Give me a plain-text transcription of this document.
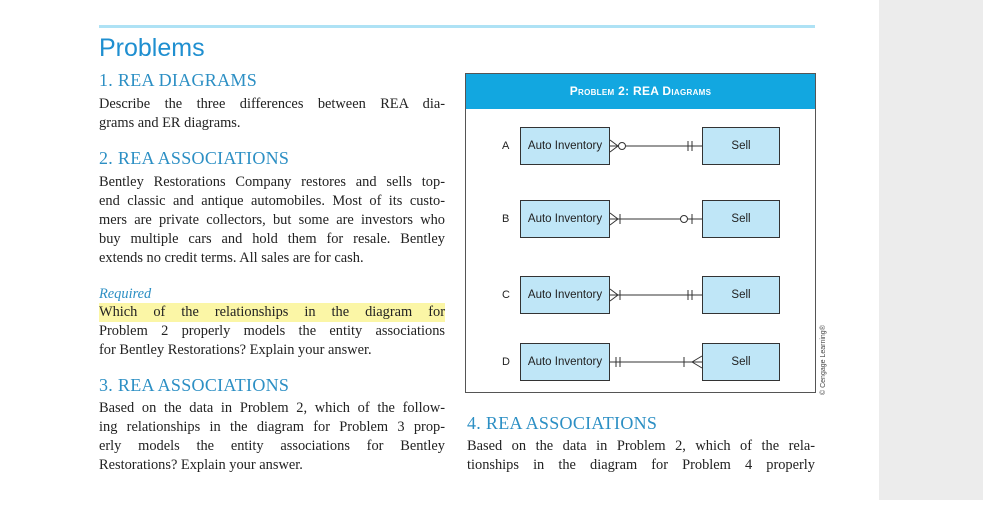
Problems
1. REA DIAGRAMS
Describe the three differences between REA dia-
grams and ER diagrams.
2. REA ASSOCIATIONS
Bentley Restorations Company restores and sells top-
end classic and antique automobiles. Most of its custo-
mers are private collectors, but some are investors who
buy multiple cars and hold them for resale. Bentley
extends no credit terms. All sales are for cash.
Required
Which of the relationships in the diagram for
Problem 2 properly models the entity associations
for Bentley Restorations? Explain your answer.
3. REA ASSOCIATIONS
Based on the data in Problem 2, which of the follow-
ing relationships in the diagram for Problem 3 prop-
erly models the entity associations for Bentley
Restorations? Explain your answer.
4. REA ASSOCIATIONS
Based on the data in Problem 2, which of the rela-
tionships in the diagram for Problem 4 properly
Problem 2: REA Diagrams
A	Auto Inventory	Sell
B	Auto Inventory	Sell
C	Auto Inventory	Sell
D	Auto Inventory	Sell	© Cengage Learning®
